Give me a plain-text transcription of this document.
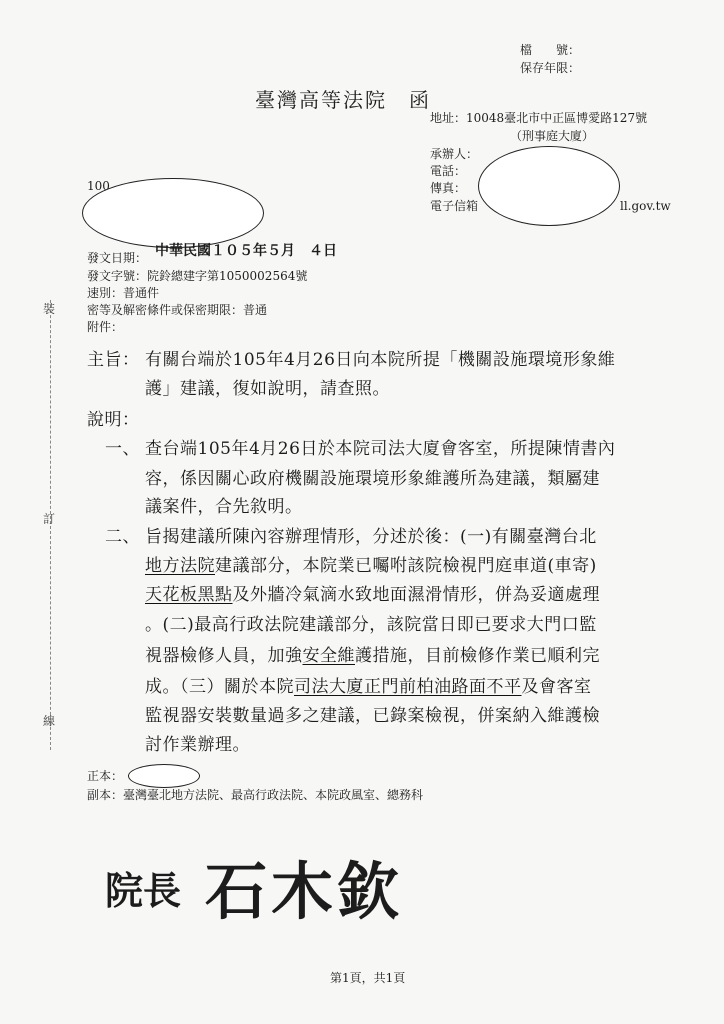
裝
訂
線
檔　　號：
保存年限：
臺灣高等法院　函
地址：10048臺北市中正區博愛路127號
（刑事庭大廈）
承辦人：
電話：
傳真：
電子信箱	ll.gov.tw
100
發文日期： 中華民國１０５年５月　４日
發文字號：院鈴總建字第1050002564號
速別：普通件
密等及解密條件或保密期限：普通
附件：
主旨： 有關台端於105年4月26日向本院所提「機關設施環境形象維
護」建議，復如說明，請查照。
說明：
一、 查台端105年4月26日於本院司法大廈會客室，所提陳情書內
容，係因關心政府機關設施環境形象維護所為建議，類屬建
議案件，合先敘明。
二、 旨揭建議所陳內容辦理情形，分述於後：(一)有關臺灣台北
地方法院建議部分，本院業已囑咐該院檢視門庭車道(車寄)
天花板黑點及外牆冷氣滴水致地面濕滑情形，併為妥適處理
。(二)最高行政法院建議部分，該院當日即已要求大門口監
視器檢修人員，加強安全維護措施，目前檢修作業已順利完
成。（三）關於本院司法大廈正門前柏油路面不平及會客室
監視器安裝數量過多之建議，已錄案檢視，併案納入維護檢
討作業辦理。
正本：
副本：臺灣臺北地方法院、最高行政法院、本院政風室、總務科
院長 石木欽
第1頁，共1頁
